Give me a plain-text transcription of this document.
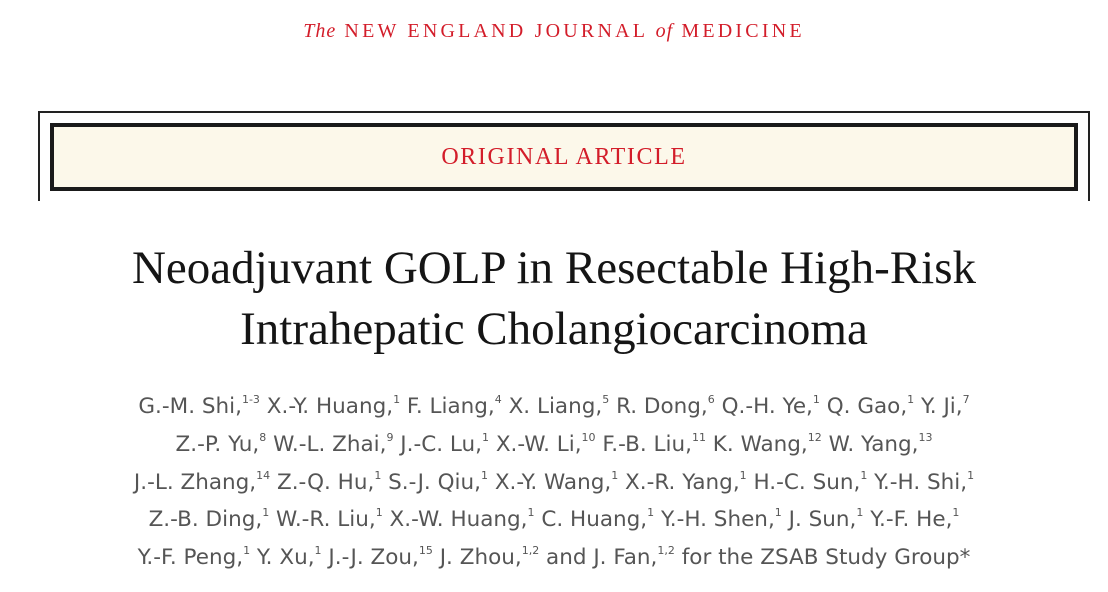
The NEW ENGLAND JOURNAL of MEDICINE
ORIGINAL ARTICLE
Neoadjuvant GOLP in Resectable High-Risk
Intrahepatic Cholangiocarcinoma
G.-M. Shi,$^{1-3}$ X.-Y. Huang,$^1$ F. Liang,$^4$ X. Liang,$^5$ R. Dong,$^6$ Q.-H. Ye,$^1$ Q. Gao,$^1$ Y. Ji,$^7$
Z.-P. Yu,$^8$ W.-L. Zhai,$^9$ J.-C. Lu,$^1$ X.-W. Li,$^{10}$ F.-B. Liu,$^{11}$ K. Wang,$^{12}$ W. Yang,$^{13}$
J.-L. Zhang,$^{14}$ Z.-Q. Hu,$^1$ S.-J. Qiu,$^1$ X.-Y. Wang,$^1$ X.-R. Yang,$^1$ H.-C. Sun,$^1$ Y.-H. Shi,$^1$
Z.-B. Ding,$^1$ W.-R. Liu,$^1$ X.-W. Huang,$^1$ C. Huang,$^1$ Y.-H. Shen,$^1$ J. Sun,$^1$ Y.-F. He,$^1$
Y.-F. Peng,$^1$ Y. Xu,$^1$ J.-J. Zou,$^{15}$ J. Zhou,$^{1,2}$ and J. Fan,$^{1,2}$ for the ZSAB Study Group*
